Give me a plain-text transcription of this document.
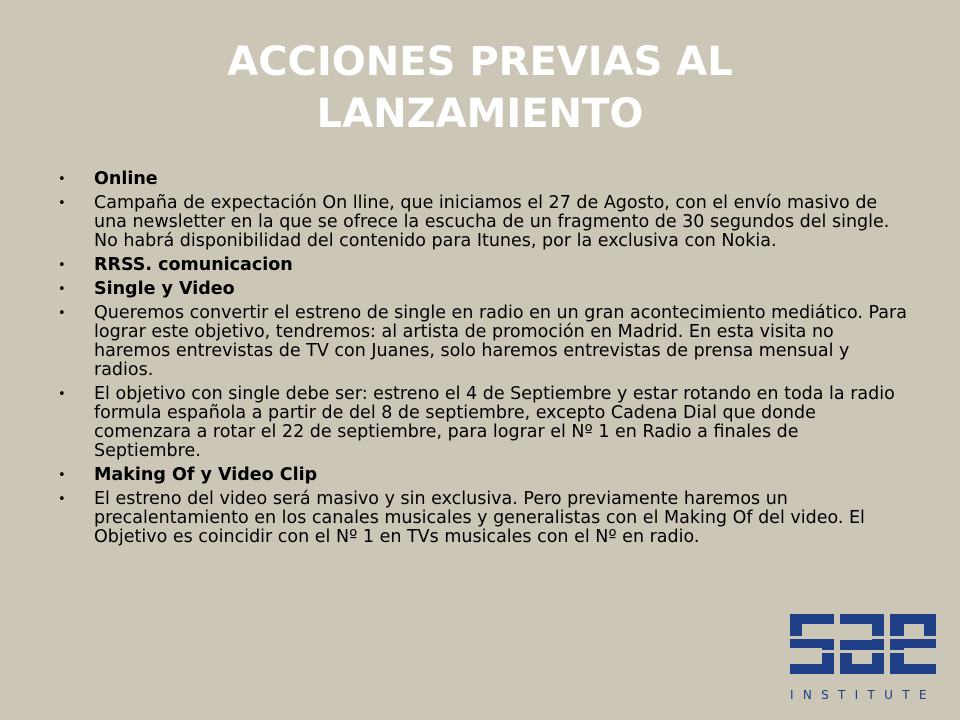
ACCIONES PREVIAS AL
LANZAMIENTO
• Online
• Campaña de expectación On lline, que iniciamos el 27 de Agosto, con el envío masivo de una newsletter en la que se ofrece la escucha de un fragmento de 30 segundos del single. No habrá disponibilidad del contenido para Itunes, por la exclusiva con Nokia.
• RRSS. comunicacion
• Single y Video
• Queremos convertir el estreno de single en radio en un gran acontecimiento mediático. Para lograr este objetivo, tendremos: al artista de promoción en Madrid. En esta visita no haremos entrevistas de TV con Juanes, solo haremos entrevistas de prensa mensual y radios.
• El objetivo con single debe ser: estreno el 4 de Septiembre y estar rotando en toda la radio formula española a partir de del 8 de septiembre, excepto Cadena Dial que donde comenzara a rotar el 22 de septiembre, para lograr el Nº 1 en Radio a finales de Septiembre.
• Making Of y Video Clip
• El estreno del video será masivo y sin exclusiva. Pero previamente haremos un precalentamiento en los canales musicales y generalistas con el Making Of del video. El Objetivo es coincidir con el Nº 1 en TVs musicales con el Nº en radio.
INSTITUTE
